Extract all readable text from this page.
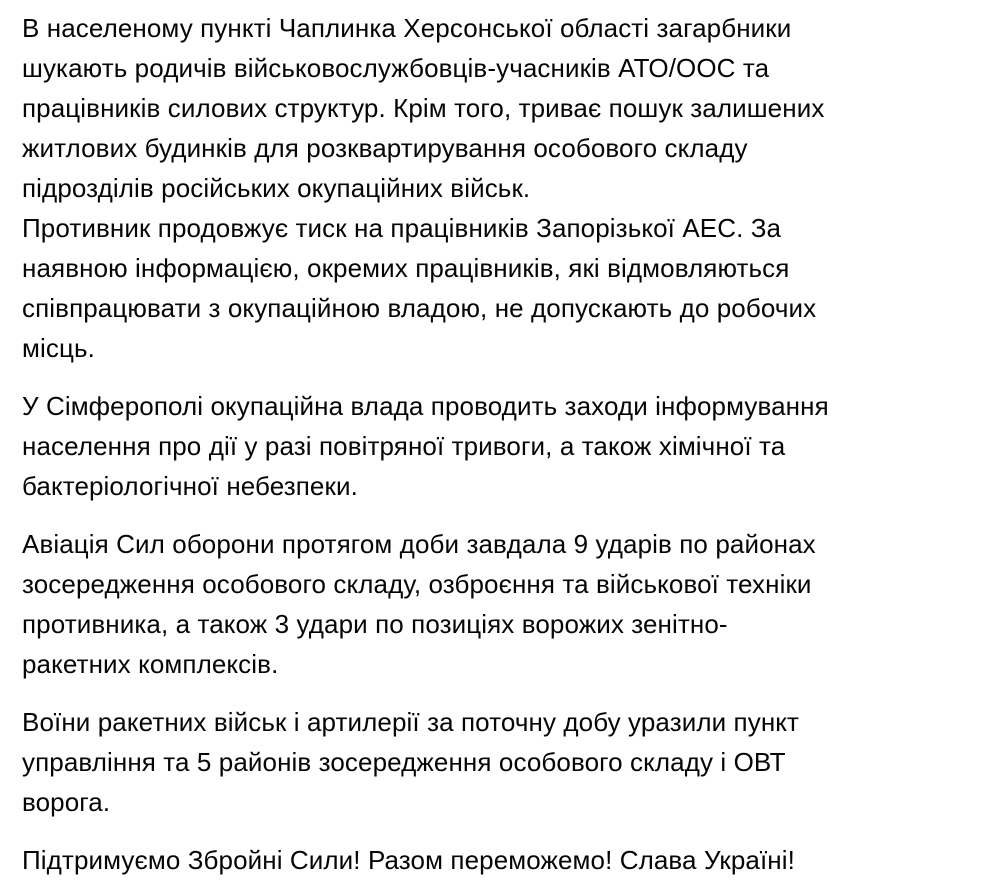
В населеному пункті Чаплинка Херсонської області загарбники
шукають родичів військовослужбовців-учасників АТО/ООС та
працівників силових структур. Крім того, триває пошук залишених
житлових будинків для розквартирування особового складу
підрозділів російських окупаційних військ.
Противник продовжує тиск на працівників Запорізької АЕС. За
наявною інформацією, окремих працівників, які відмовляються
співпрацювати з окупаційною владою, не допускають до робочих
місць.

У Сімферополі окупаційна влада проводить заходи інформування
населення про дії у разі повітряної тривоги, а також хімічної та
бактеріологічної небезпеки.

Авіація Сил оборони протягом доби завдала 9 ударів по районах
зосередження особового складу, озброєння та військової техніки
противника, а також 3 удари по позиціях ворожих зенітно-
ракетних комплексів.

Воїни ракетних військ і артилерії за поточну добу уразили пункт
управління та 5 районів зосередження особового складу і ОВТ
ворога.

Підтримуємо Збройні Сили! Разом переможемо! Слава Україні!
